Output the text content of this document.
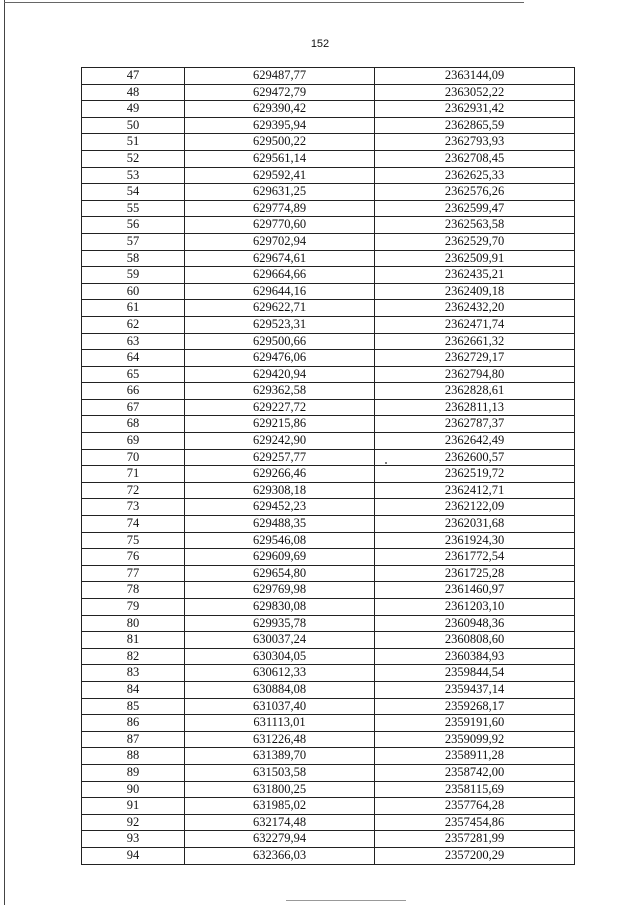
152
47	629487,77	2363144,09
48	629472,79	2363052,22
49	629390,42	2362931,42
50	629395,94	2362865,59
51	629500,22	2362793,93
52	629561,14	2362708,45
53	629592,41	2362625,33
54	629631,25	2362576,26
55	629774,89	2362599,47
56	629770,60	2362563,58
57	629702,94	2362529,70
58	629674,61	2362509,91
59	629664,66	2362435,21
60	629644,16	2362409,18
61	629622,71	2362432,20
62	629523,31	2362471,74
63	629500,66	2362661,32
64	629476,06	2362729,17
65	629420,94	2362794,80
66	629362,58	2362828,61
67	629227,72	2362811,13
68	629215,86	2362787,37
69	629242,90	2362642,49
70	629257,77	2362600,57
71	629266,46	2362519,72
72	629308,18	2362412,71
73	629452,23	2362122,09
74	629488,35	2362031,68
75	629546,08	2361924,30
76	629609,69	2361772,54
77	629654,80	2361725,28
78	629769,98	2361460,97
79	629830,08	2361203,10
80	629935,78	2360948,36
81	630037,24	2360808,60
82	630304,05	2360384,93
83	630612,33	2359844,54
84	630884,08	2359437,14
85	631037,40	2359268,17
86	631113,01	2359191,60
87	631226,48	2359099,92
88	631389,70	2358911,28
89	631503,58	2358742,00
90	631800,25	2358115,69
91	631985,02	2357764,28
92	632174,48	2357454,86
93	632279,94	2357281,99
94	632366,03	2357200,29
